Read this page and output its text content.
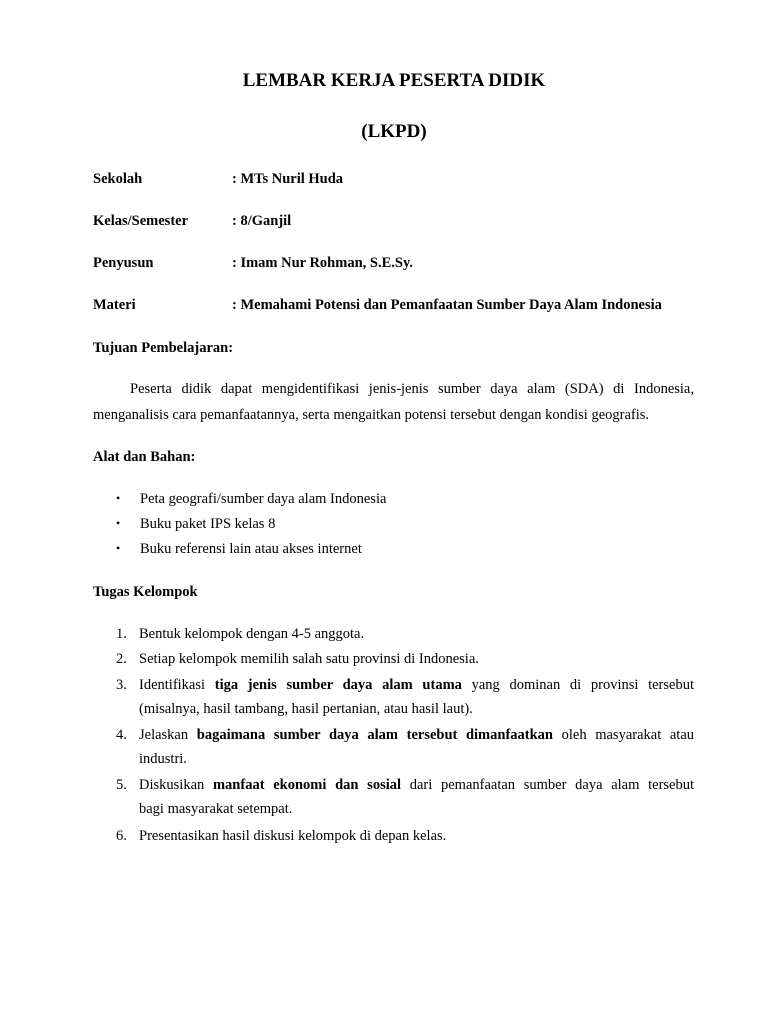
LEMBAR KERJA PESERTA DIDIK
(LKPD)
Sekolah	: MTs Nuril Huda
Kelas/Semester	: 8/Ganjil
Penyusun	: Imam Nur Rohman, S.E.Sy.
Materi	: Memahami Potensi dan Pemanfaatan Sumber Daya Alam Indonesia
Tujuan Pembelajaran:
Peserta didik dapat mengidentifikasi jenis-jenis sumber daya alam (SDA) di Indonesia,
menganalisis cara pemanfaatannya, serta mengaitkan potensi tersebut dengan kondisi geografis.
Alat dan Bahan:
• Peta geografi/sumber daya alam Indonesia
• Buku paket IPS kelas 8
• Buku referensi lain atau akses internet
Tugas Kelompok
1. Bentuk kelompok dengan 4-5 anggota.
2. Setiap kelompok memilih salah satu provinsi di Indonesia.
3. Identifikasi tiga jenis sumber daya alam utama yang dominan di provinsi tersebut
(misalnya, hasil tambang, hasil pertanian, atau hasil laut).
4. Jelaskan bagaimana sumber daya alam tersebut dimanfaatkan oleh masyarakat atau
industri.
5. Diskusikan manfaat ekonomi dan sosial dari pemanfaatan sumber daya alam tersebut
bagi masyarakat setempat.
6. Presentasikan hasil diskusi kelompok di depan kelas.
